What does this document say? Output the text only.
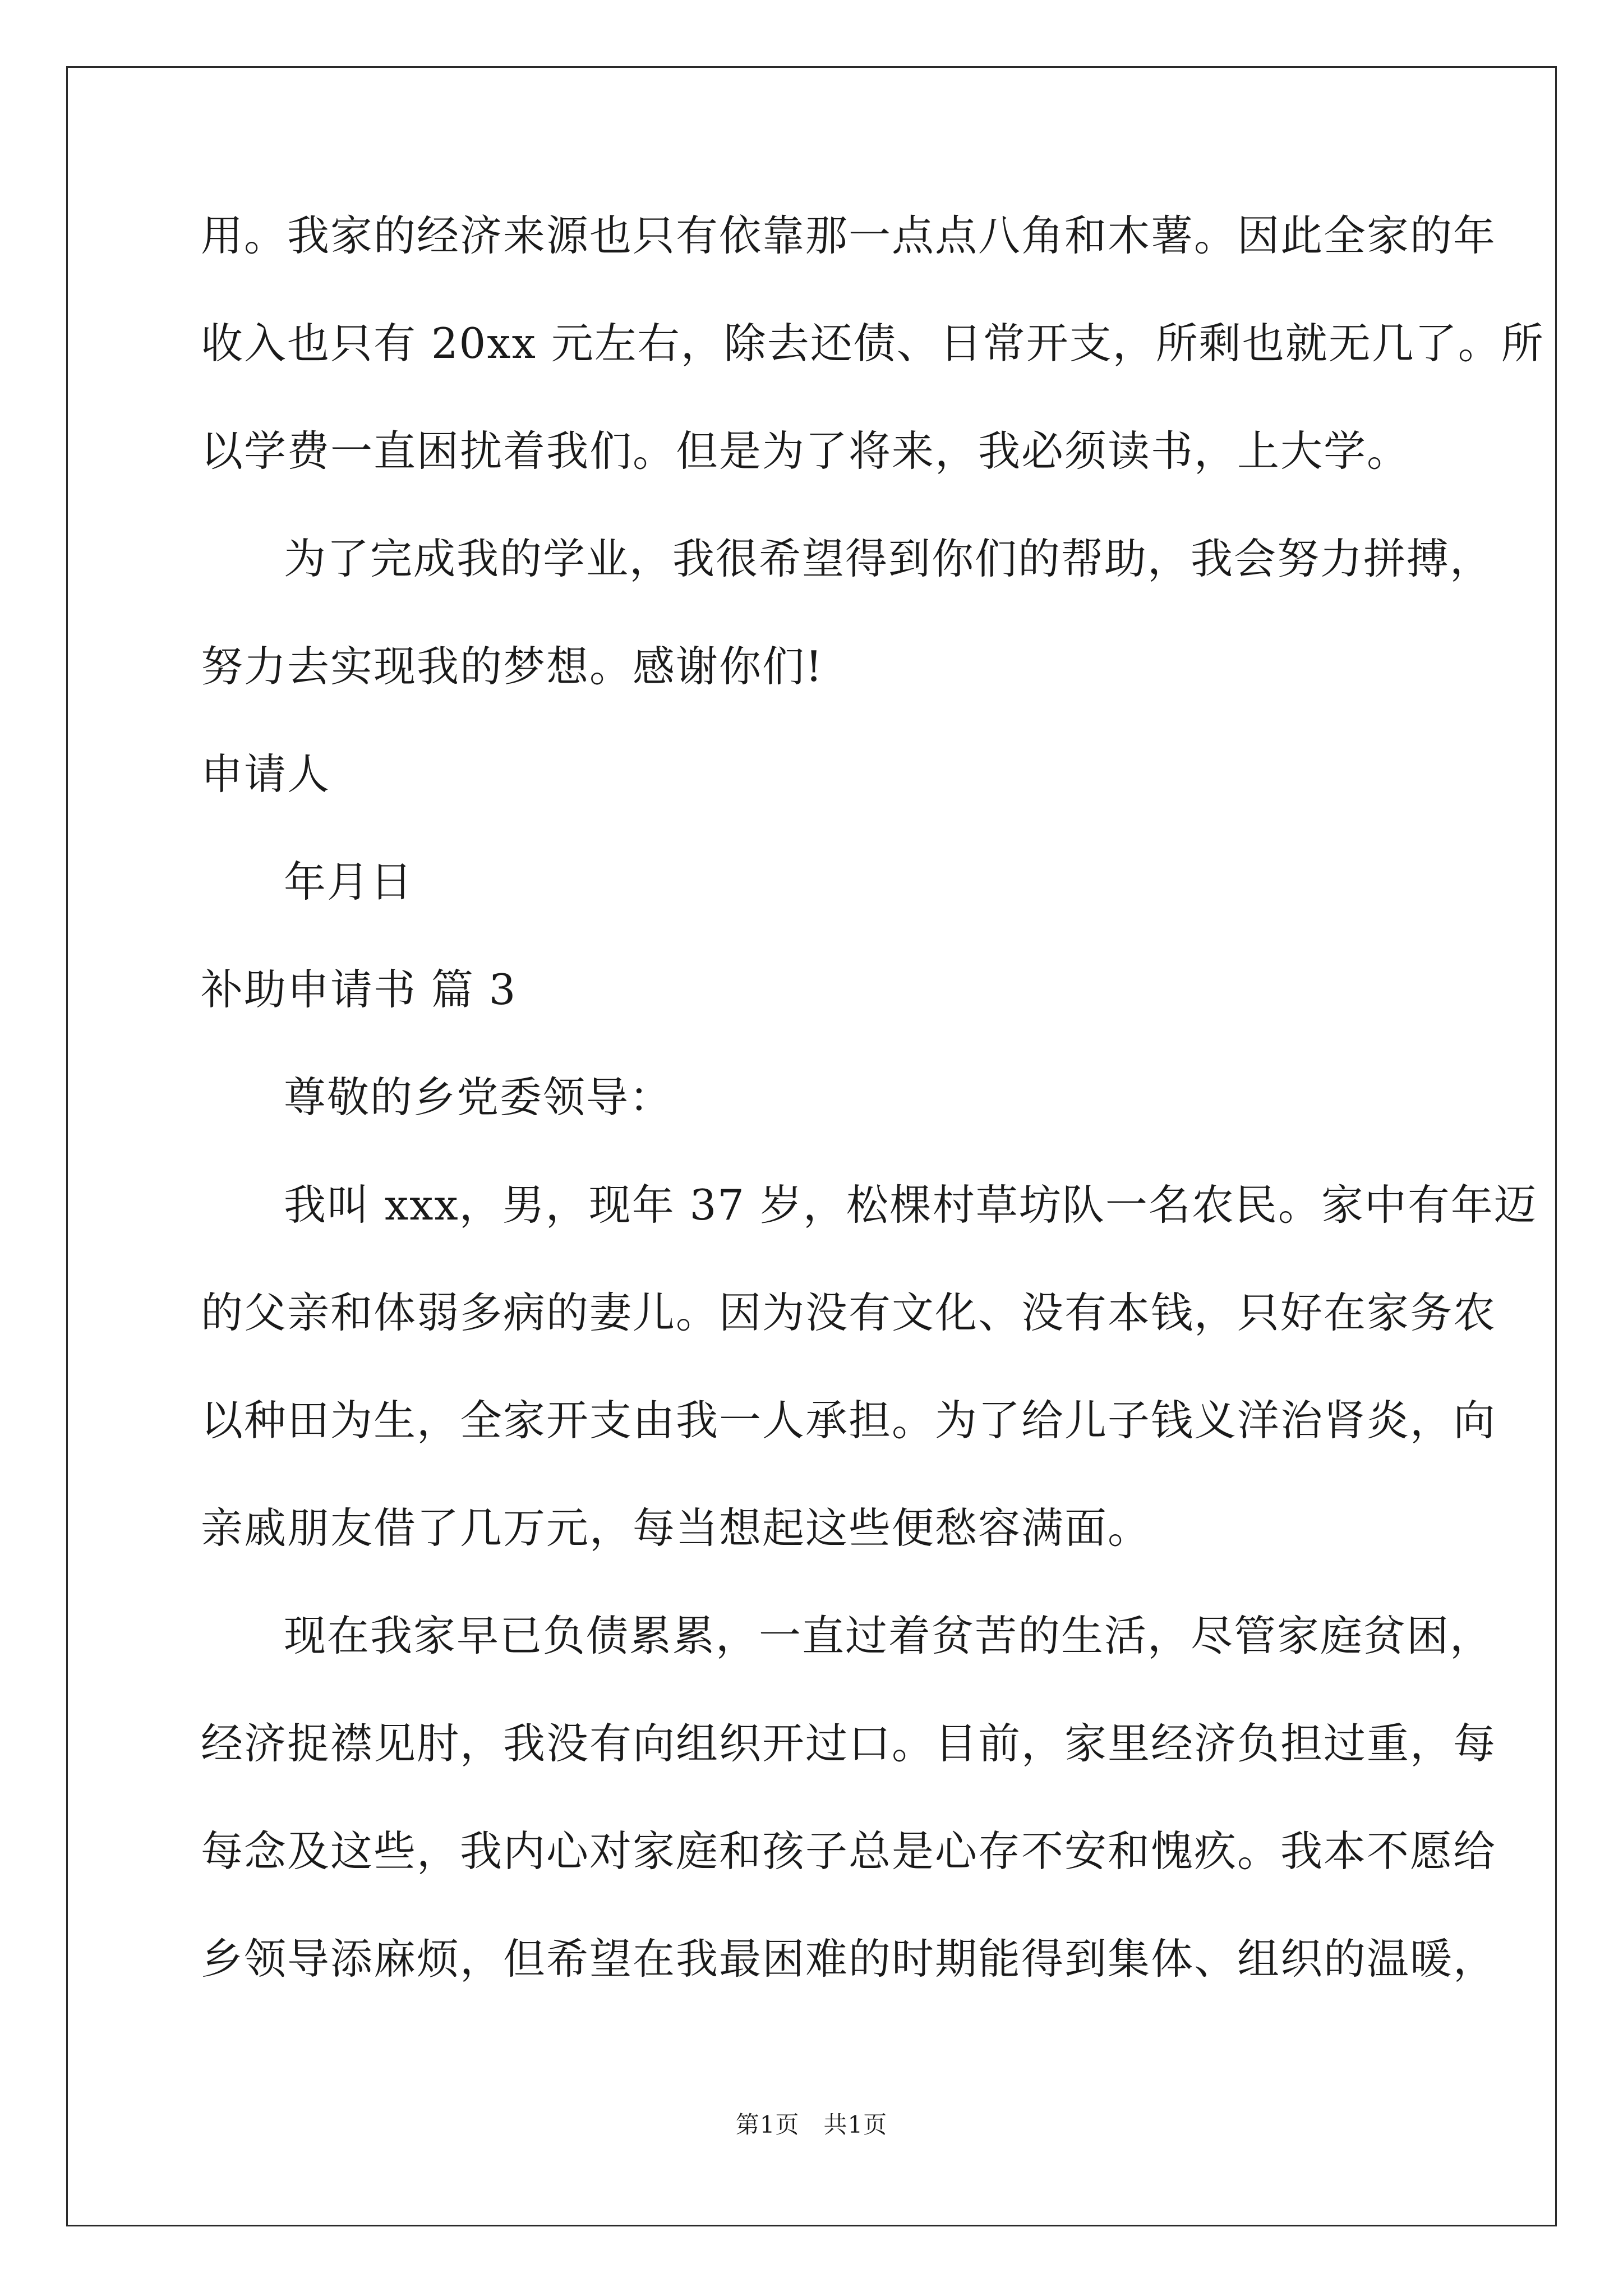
用。我家的经济来源也只有依靠那一点点八角和木薯。因此全家的年
收入也只有 20xx 元左右，除去还债、日常开支，所剩也就无几了。所
以学费一直困扰着我们。但是为了将来，我必须读书，上大学。
为了完成我的学业，我很希望得到你们的帮助，我会努力拼搏，
努力去实现我的梦想。感谢你们!
申请人
年月日
补助申请书 篇 3
尊敬的乡党委领导：
我叫 xxx，男，现年 37 岁，松棵村草坊队一名农民。家中有年迈
的父亲和体弱多病的妻儿。因为没有文化、没有本钱，只好在家务农
以种田为生，全家开支由我一人承担。为了给儿子钱义洋治肾炎，向
亲戚朋友借了几万元，每当想起这些便愁容满面。
现在我家早已负债累累，一直过着贫苦的生活，尽管家庭贫困，
经济捉襟见肘，我没有向组织开过口。目前，家里经济负担过重，每
每念及这些，我内心对家庭和孩子总是心存不安和愧疚。我本不愿给
乡领导添麻烦，但希望在我最困难的时期能得到集体、组织的温暖，
第1页   共1页
